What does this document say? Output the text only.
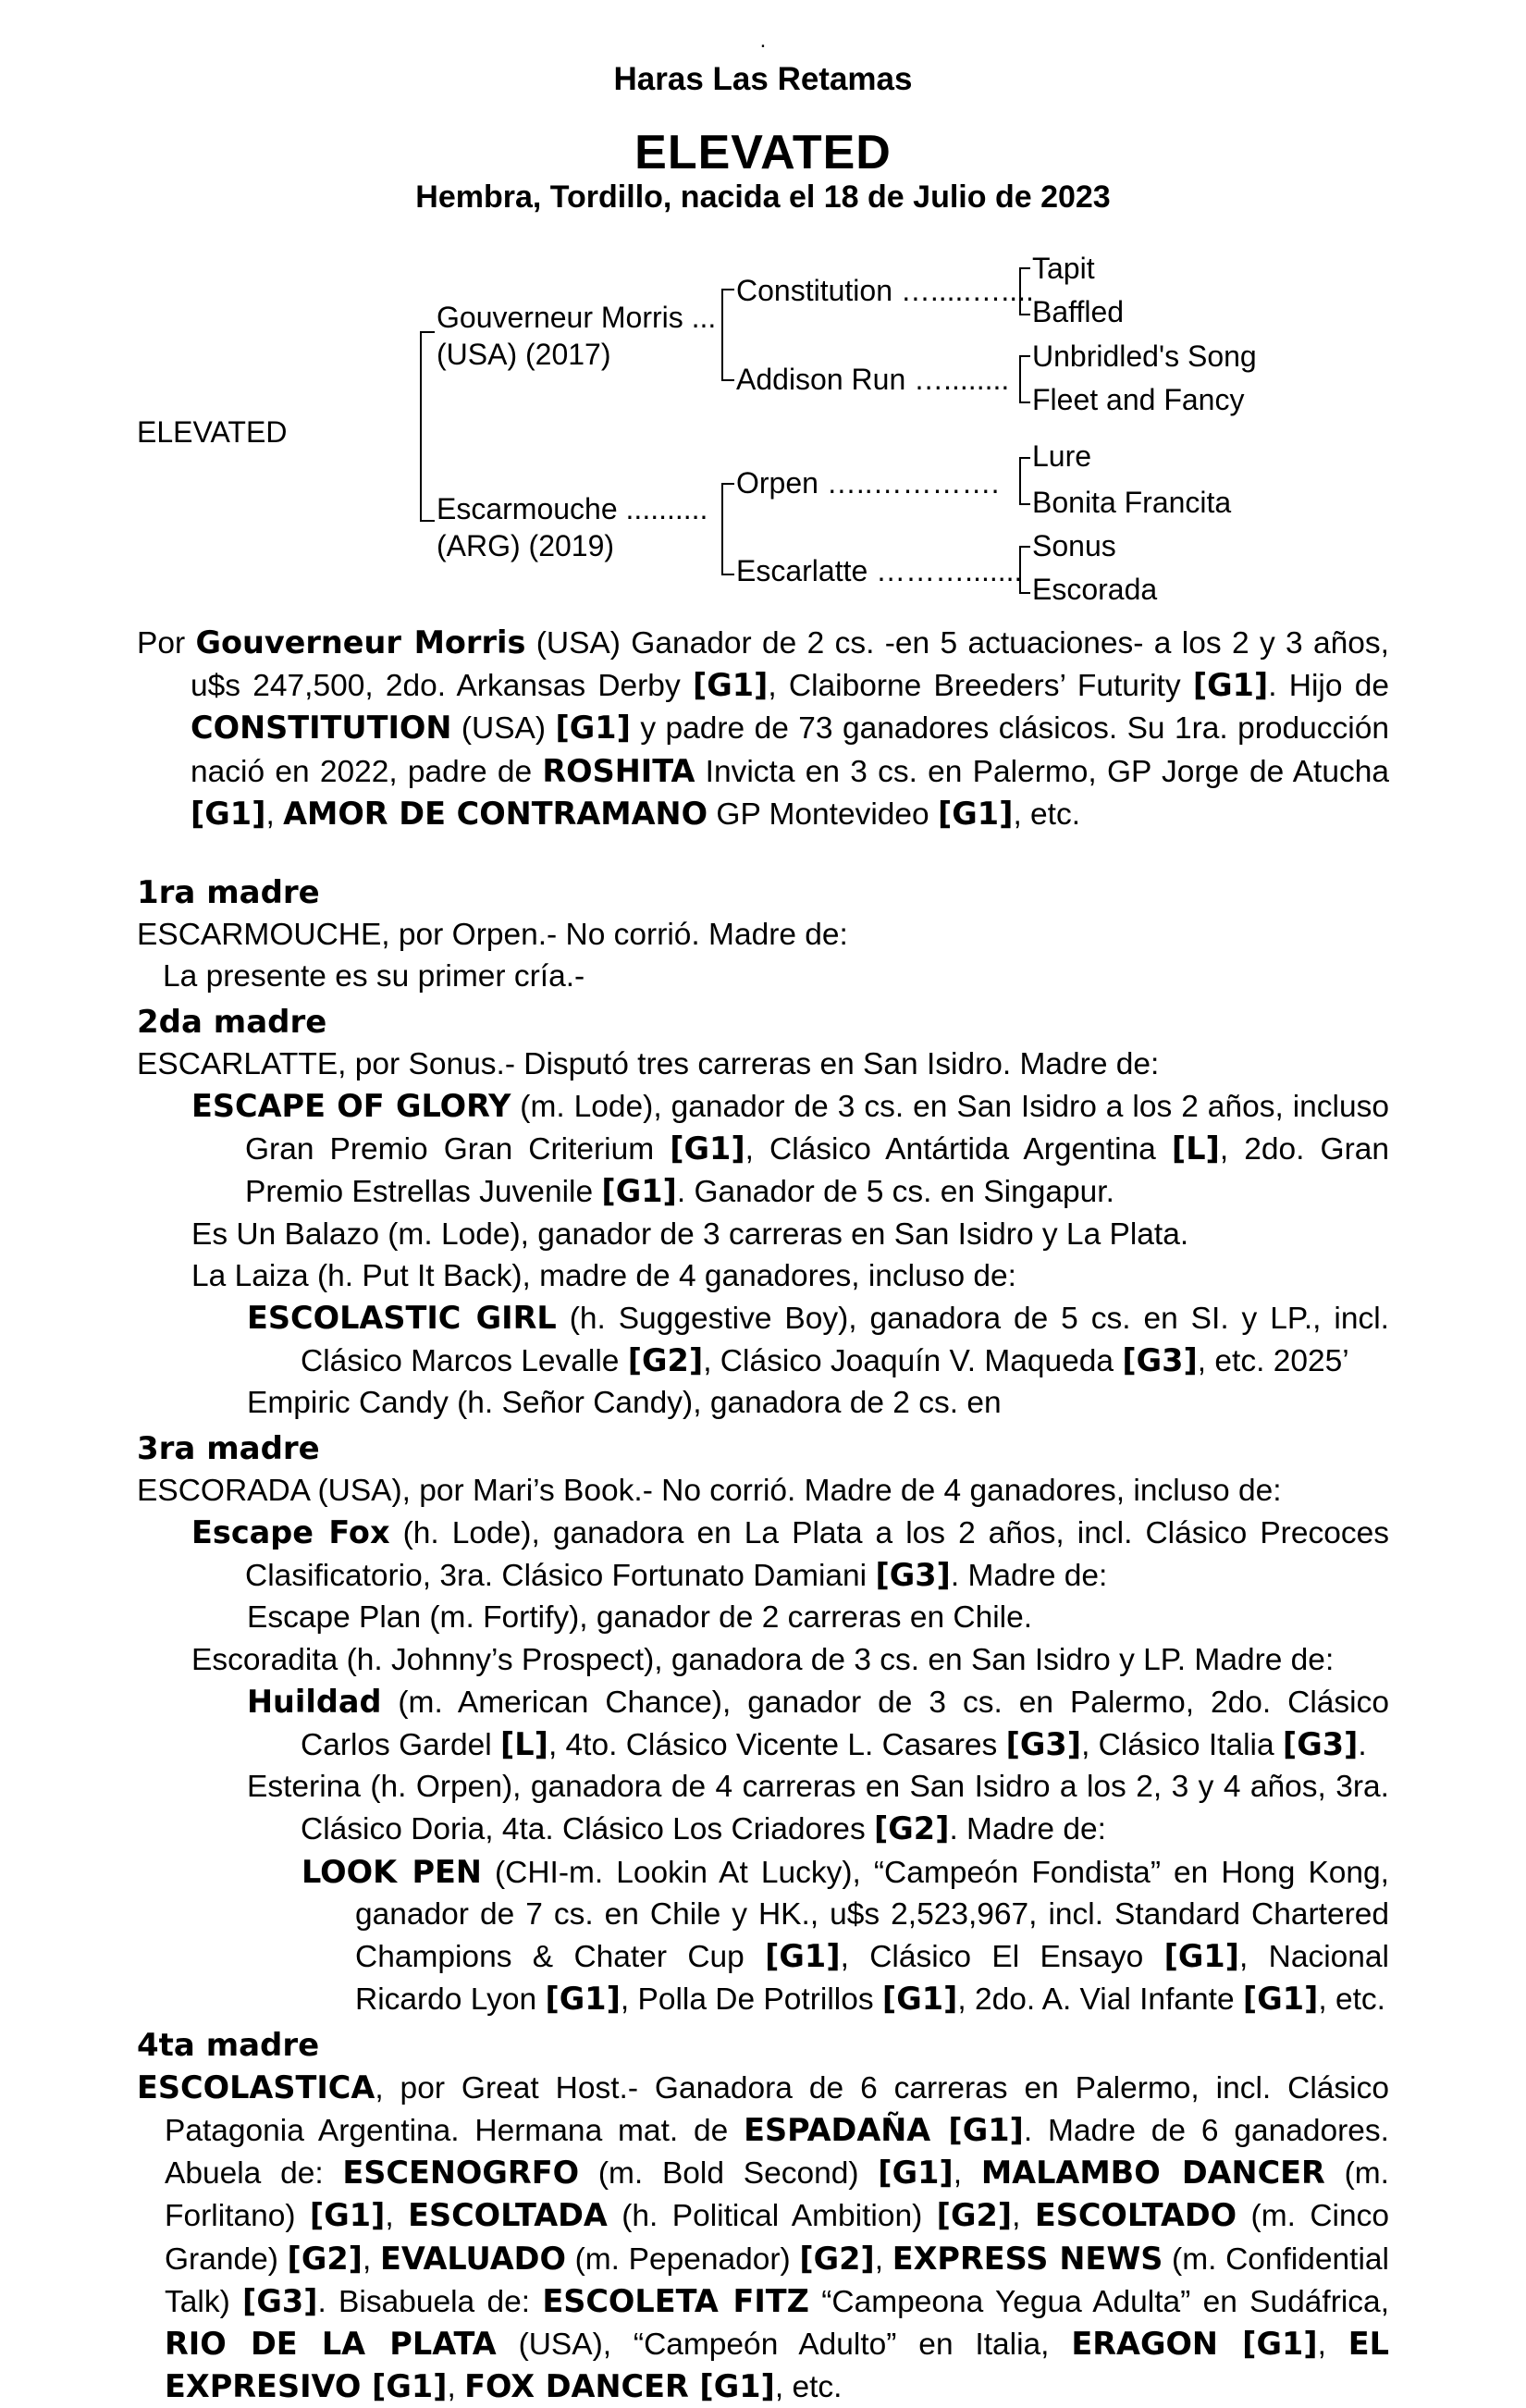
.
Haras Las Retamas
ELEVATED
Hembra, Tordillo, nacida el 18 de Julio de 2023
ELEVATED
Gouverneur Morris ...
(USA) (2017)
Escarmouche ..........
(ARG) (2019)
Constitution ….....…....
Addison Run …........
Orpen …..………….
Escarlatte ……….......
Tapit
Baffled
Unbridled's Song
Fleet and Fancy
Lure
Bonita Francita
Sonus
Escorada

Por Gouverneur Morris (USA) Ganador de 2 cs. -en 5 actuaciones- a los 2 y 3 años, u$s 247,500, 2do. Arkansas Derby [G1], Claiborne Breeders’ Futurity [G1]. Hijo de CONSTITUTION (USA) [G1] y padre de 73 ganadores clásicos. Su 1ra. producción nació en 2022, padre de ROSHITA Invicta en 3 cs. en Palermo, GP Jorge de Atucha [G1], AMOR DE CONTRAMANO GP Montevideo [G1], etc.

1ra madre

ESCARMOUCHE, por Orpen.- No corrió. Madre de:

La presente es su primer cría.-

2da madre

ESCARLATTE, por Sonus.- Disputó tres carreras en San Isidro. Madre de:

ESCAPE OF GLORY (m. Lode), ganador de 3 cs. en San Isidro a los 2 años, incluso Gran Premio Gran Criterium [G1], Clásico Antártida Argentina [L], 2do. Gran Premio Estrellas Juvenile [G1]. Ganador de 5 cs. en Singapur.

Es Un Balazo (m. Lode), ganador de 3 carreras en San Isidro y La Plata.

La Laiza (h. Put It Back), madre de 4 ganadores, incluso de:

ESCOLASTIC GIRL (h. Suggestive Boy), ganadora de 5 cs. en SI. y LP., incl. Clásico Marcos Levalle [G2], Clásico Joaquín V. Maqueda [G3], etc. 2025’

Empiric Candy (h. Señor Candy), ganadora de 2 cs. en

3ra madre

ESCORADA (USA), por Mari’s Book.- No corrió. Madre de 4 ganadores, incluso de:

Escape Fox (h. Lode), ganadora en La Plata a los 2 años, incl. Clásico Precoces Clasificatorio, 3ra. Clásico Fortunato Damiani [G3]. Madre de:

Escape Plan (m. Fortify), ganador de 2 carreras en Chile.

Escoradita (h. Johnny’s Prospect), ganadora de 3 cs. en San Isidro y LP. Madre de:

Huildad (m. American Chance), ganador de 3 cs. en Palermo, 2do. Clásico Carlos Gardel [L], 4to. Clásico Vicente L. Casares [G3], Clásico Italia [G3].

Esterina (h. Orpen), ganadora de 4 carreras en San Isidro a los 2, 3 y 4 años, 3ra. Clásico Doria, 4ta. Clásico Los Criadores [G2]. Madre de:

LOOK PEN (CHI-m. Lookin At Lucky), “Campeón Fondista” en Hong Kong, ganador de 7 cs. en Chile y HK., u$s 2,523,967, incl. Standard Chartered Champions & Chater Cup [G1], Clásico El Ensayo [G1], Nacional Ricardo Lyon [G1], Polla De Potrillos [G1], 2do. A. Vial Infante [G1], etc.

4ta madre

ESCOLASTICA, por Great Host.- Ganadora de 6 carreras en Palermo, incl. Clásico Patagonia Argentina. Hermana mat. de ESPADAÑA [G1]. Madre de 6 ganadores. Abuela de: ESCENOGRFO (m. Bold Second) [G1], MALAMBO DANCER (m. Forlitano) [G1], ESCOLTADA (h. Political Ambition) [G2], ESCOLTADO (m. Cinco Grande) [G2], EVALUADO (m. Pepenador) [G2], EXPRESS NEWS (m. Confidential Talk) [G3]. Bisabuela de: ESCOLETA FITZ “Campeona Yegua Adulta” en Sudáfrica, RIO DE LA PLATA (USA), “Campeón Adulto” en Italia, ERAGON [G1], EL EXPRESIVO [G1], FOX DANCER [G1], etc.
